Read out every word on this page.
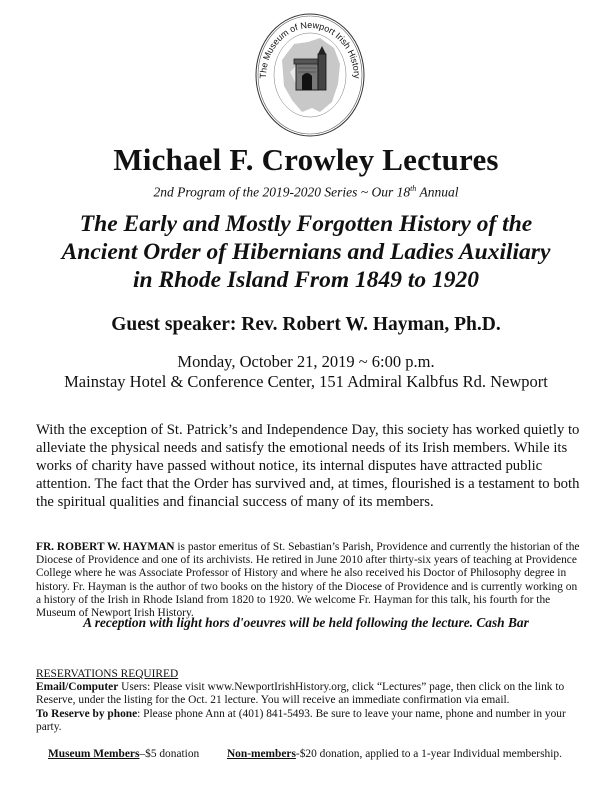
The Museum of Newport Irish History
Michael F. Crowley Lectures
2nd Program of the 2019-2020 Series ~ Our 18th Annual
The Early and Mostly Forgotten History of the
Ancient Order of Hibernians and Ladies Auxiliary
in Rhode Island From 1849 to 1920
Guest speaker: Rev. Robert W. Hayman, Ph.D.
Monday, October 21, 2019 ~ 6:00 p.m.
Mainstay Hotel & Conference Center, 151 Admiral Kalbfus Rd. Newport
With the exception of St. Patrick’s and Independence Day, this society has worked quietly to alleviate the physical needs and satisfy the emotional needs of its Irish members. While its works of charity have passed without notice, its internal disputes have attracted public attention. The fact that the Order has survived and, at times, flourished is a testament to both the spiritual qualities and financial success of many of its members.
FR. ROBERT W. HAYMAN is pastor emeritus of St. Sebastian’s Parish, Providence and currently the historian of the Diocese of Providence and one of its archivists. He retired in June 2010 after thirty-six years of teaching at Providence College where he was Associate Professor of History and where he also received his Doctor of Philosophy degree in history. Fr. Hayman is the author of two books on the history of the Diocese of Providence and is currently working on a history of the Irish in Rhode Island from 1820 to 1920. We welcome Fr. Hayman for this talk, his fourth for the Museum of Newport Irish History.
A reception with light hors d'oeuvres will be held following the lecture. Cash Bar
RESERVATIONS REQUIRED
Email/Computer Users: Please visit www.NewportIrishHistory.org, click “Lectures” page, then click on the link to Reserve, under the listing for the Oct. 21 lecture. You will receive an immediate confirmation via email.
To Reserve by phone: Please phone Ann at (401) 841-5493. Be sure to leave your name, phone and number in your party.
Museum Members–$5 donation Non-members-$20 donation, applied to a 1-year Individual membership.
